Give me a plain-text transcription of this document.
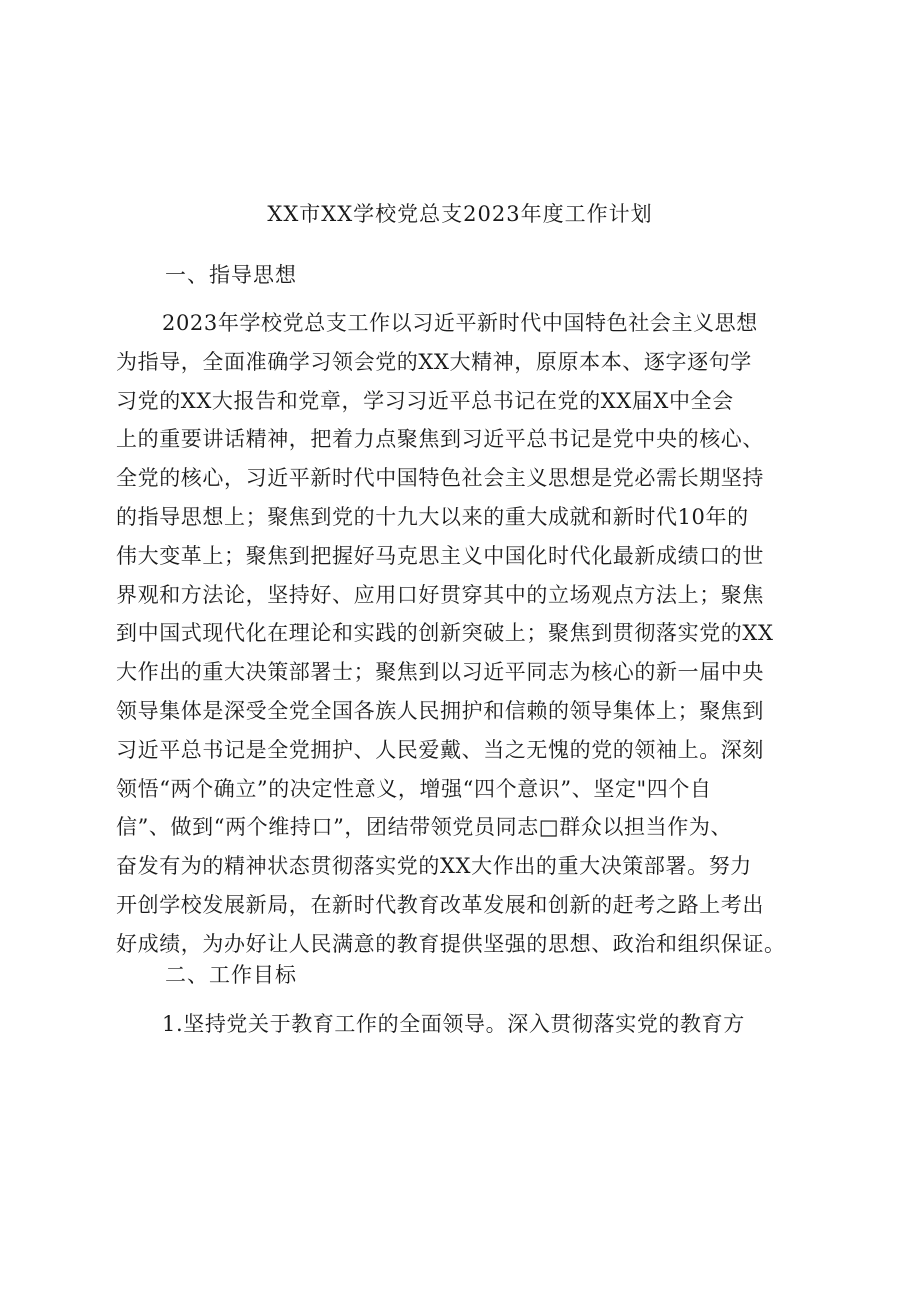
XX市XX学校党总支2023年度工作计划
一、指导思想
2023年学校党总支工作以习近平新时代中国特色社会主义思想
为指导，全面准确学习领会党的XX大精神，原原本本、逐字逐句学
习党的XX大报告和党章，学习习近平总书记在党的XX届X中全会
上的重要讲话精神，把着力点聚焦到习近平总书记是党中央的核心、
全党的核心，习近平新时代中国特色社会主义思想是党必需长期坚持
的指导思想上；聚焦到党的十九大以来的重大成就和新时代10年的
伟大变革上；聚焦到把握好马克思主义中国化时代化最新成绩口的世
界观和方法论，坚持好、应用口好贯穿其中的立场观点方法上；聚焦
到中国式现代化在理论和实践的创新突破上；聚焦到贯彻落实党的XX
大作出的重大决策部署士；聚焦到以习近平同志为核心的新一届中央
领导集体是深受全党全国各族人民拥护和信赖的领导集体上；聚焦到
习近平总书记是全党拥护、人民爱戴、当之无愧的党的领袖上。深刻
领悟“两个确立”的决定性意义，增强“四个意识”、坚定"四个自
信”、做到“两个维持口”，团结带领党员同志□群众以担当作为、
奋发有为的精神状态贯彻落实党的XX大作出的重大决策部署。努力
开创学校发展新局，在新时代教育改革发展和创新的赶考之路上考出
好成绩，为办好让人民满意的教育提供坚强的思想、政治和组织保证。
二、工作目标
1.坚持党关于教育工作的全面领导。深入贯彻落实党的教育方
